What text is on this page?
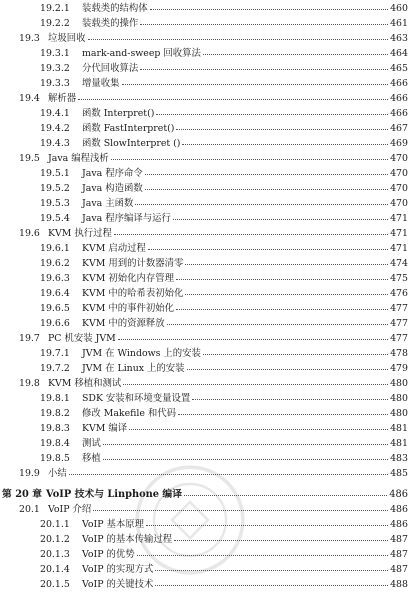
19.2.1 装载类的结构体	460
19.2.2 装载类的操作	461
19.3 垃圾回收	463
19.3.1 mark-and-sweep 回收算法	464
19.3.2 分代回收算法	465
19.3.3 增量收集	466
19.4 解析器	466
19.4.1 函数 Interpret()	466
19.4.2 函数 FastInterpret()	467
19.4.3 函数 SlowInterpret ()	469
19.5 Java 编程浅析	470
19.5.1 Java 程序命令	470
19.5.2 Java 构造函数	470
19.5.3 Java 主函数	470
19.5.4 Java 程序编译与运行	471
19.6 KVM 执行过程	471
19.6.1 KVM 启动过程	471
19.6.2 KVM 用到的计数器清零	474
19.6.3 KVM 初始化内存管理	475
19.6.4 KVM 中的哈希表初始化	476
19.6.5 KVM 中的事件初始化	477
19.6.6 KVM 中的资源释放	477
19.7 PC 机安装 JVM	477
19.7.1 JVM 在 Windows 上的安装	478
19.7.2 JVM 在 Linux 上的安装	479
19.8 KVM 移植和测试	480
19.8.1 SDK 安装和环境变量设置	480
19.8.2 修改 Makefile 和代码	480
19.8.3 KVM 编译	481
19.8.4 测试	481
19.8.5 移植	483
19.9 小结	485
第 20 章 VoIP 技术与 Linphone 编译	486
20.1 VoIP 介绍	486
20.1.1 VoIP 基本原理	486
20.1.2 VoIP 的基本传输过程	487
20.1.3 VoIP 的优势	487
20.1.4 VoIP 的实现方式	487
20.1.5 VoIP 的关键技术	488
